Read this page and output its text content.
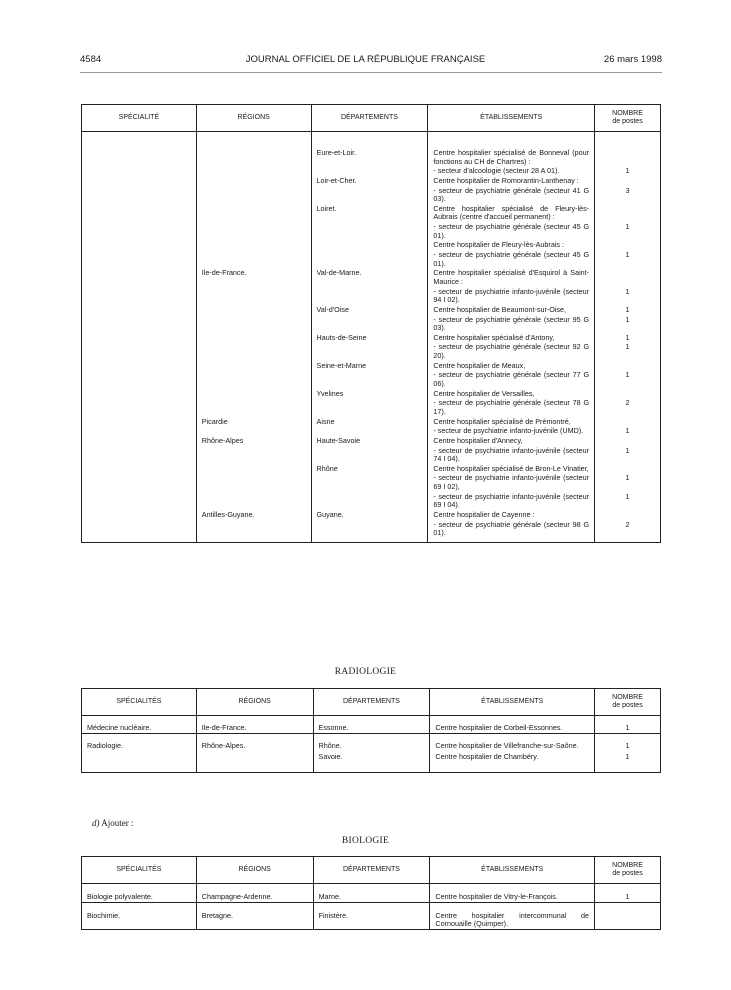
4584	JOURNAL OFFICIEL DE LA RÉPUBLIQUE FRANÇAISE	26 mars 1998
SPÉCIALITÉ	RÉGIONS	DÉPARTEMENTS	ÉTABLISSEMENTS	NOMBRE
de postes
		Eure-et-Loir.	Centre hospitalier spécialisé de Bonneval (pour fonctions au CH de Chartres) :	
			- secteur d'alcoologie (secteur 28 A 01).	1
		Loir-et-Cher.	Centre hospitalier de Romorantin-Lanthenay :	
			- secteur de psychiatrie générale (secteur 41 G 03).	3
		Loiret.	Centre hospitalier spécialisé de Fleury-lès-Aubrais (centre d'accueil permanent) :	
			- secteur de psychiatrie générale (secteur 45 G 01).	1
			Centre hospitalier de Fleury-lès-Aubrais :	
			- secteur de psychiatrie générale (secteur 45 G 01).	1
	Ile-de-France.	Val-de-Marne.	Centre hospitalier spécialisé d'Esquirol à Saint-Maurice :	
			- secteur de psychiatrie infanto-juvénile (secteur 94 I 02).	1
		Val-d'Oise	Centre hospitalier de Beaumont-sur-Oise,	1
			- secteur de psychiatrie générale (secteur 95 G 03).	1
		Hauts-de-Seine	Centre hospitalier spécialisé d'Antony,	1
			- secteur de psychiatrie générale (secteur 92 G 20).	1
		Seine-et-Marne	Centre hospitalier de Meaux,	
			- secteur de psychiatrie générale (secteur 77 G 06).	1
		Yvelines	Centre hospitalier de Versailles,	
			- secteur de psychiatrie générale (secteur 78 G 17).	2
	Picardie	Aisne	Centre hospitalier spécialisé de Prémontré,	
			- secteur de psychiatrie infanto-juvénile (UMD).	1
	Rhône-Alpes	Haute-Savoie	Centre hospitalier d'Annecy,	
			- secteur de psychiatrie infanto-juvénile (secteur 74 I 04).	1
		Rhône	Centre hospitalier spécialisé de Bron-Le Vinatier,	
			- secteur de psychiatrie infanto-juvénile (secteur 69 I 02),	1
			- secteur de psychiatrie infanto-juvénile (secteur 69 I 04).	1
	Antilles-Guyane.	Guyane.	Centre hospitalier de Cayenne :	
			- secteur de psychiatrie générale (secteur 98 G 01).	2
RADIOLOGIE
SPÉCIALITÉS	RÉGIONS	DÉPARTEMENTS	ÉTABLISSEMENTS	NOMBRE
de postes
Médecine nucléaire.	Ile-de-France.	Essonne.	Centre hospitalier de Corbeil-Essonnes.	1
Radiologie.	Rhône-Alpes.	Rhône.	Centre hospitalier de Villefranche-sur-Saône.	1
		Savoie.	Centre hospitalier de Chambéry.	1
d) Ajouter :
BIOLOGIE
SPÉCIALITÉS	RÉGIONS	DÉPARTEMENTS	ÉTABLISSEMENTS	NOMBRE
de postes
Biologie polyvalente.	Champagne-Ardenne.	Marne.	Centre hospitalier de Vitry-le-François.	1
Biochimie.	Bretagne.	Finistère.	Centre hospitalier intercommunal de Cornouaille (Quimper).	
